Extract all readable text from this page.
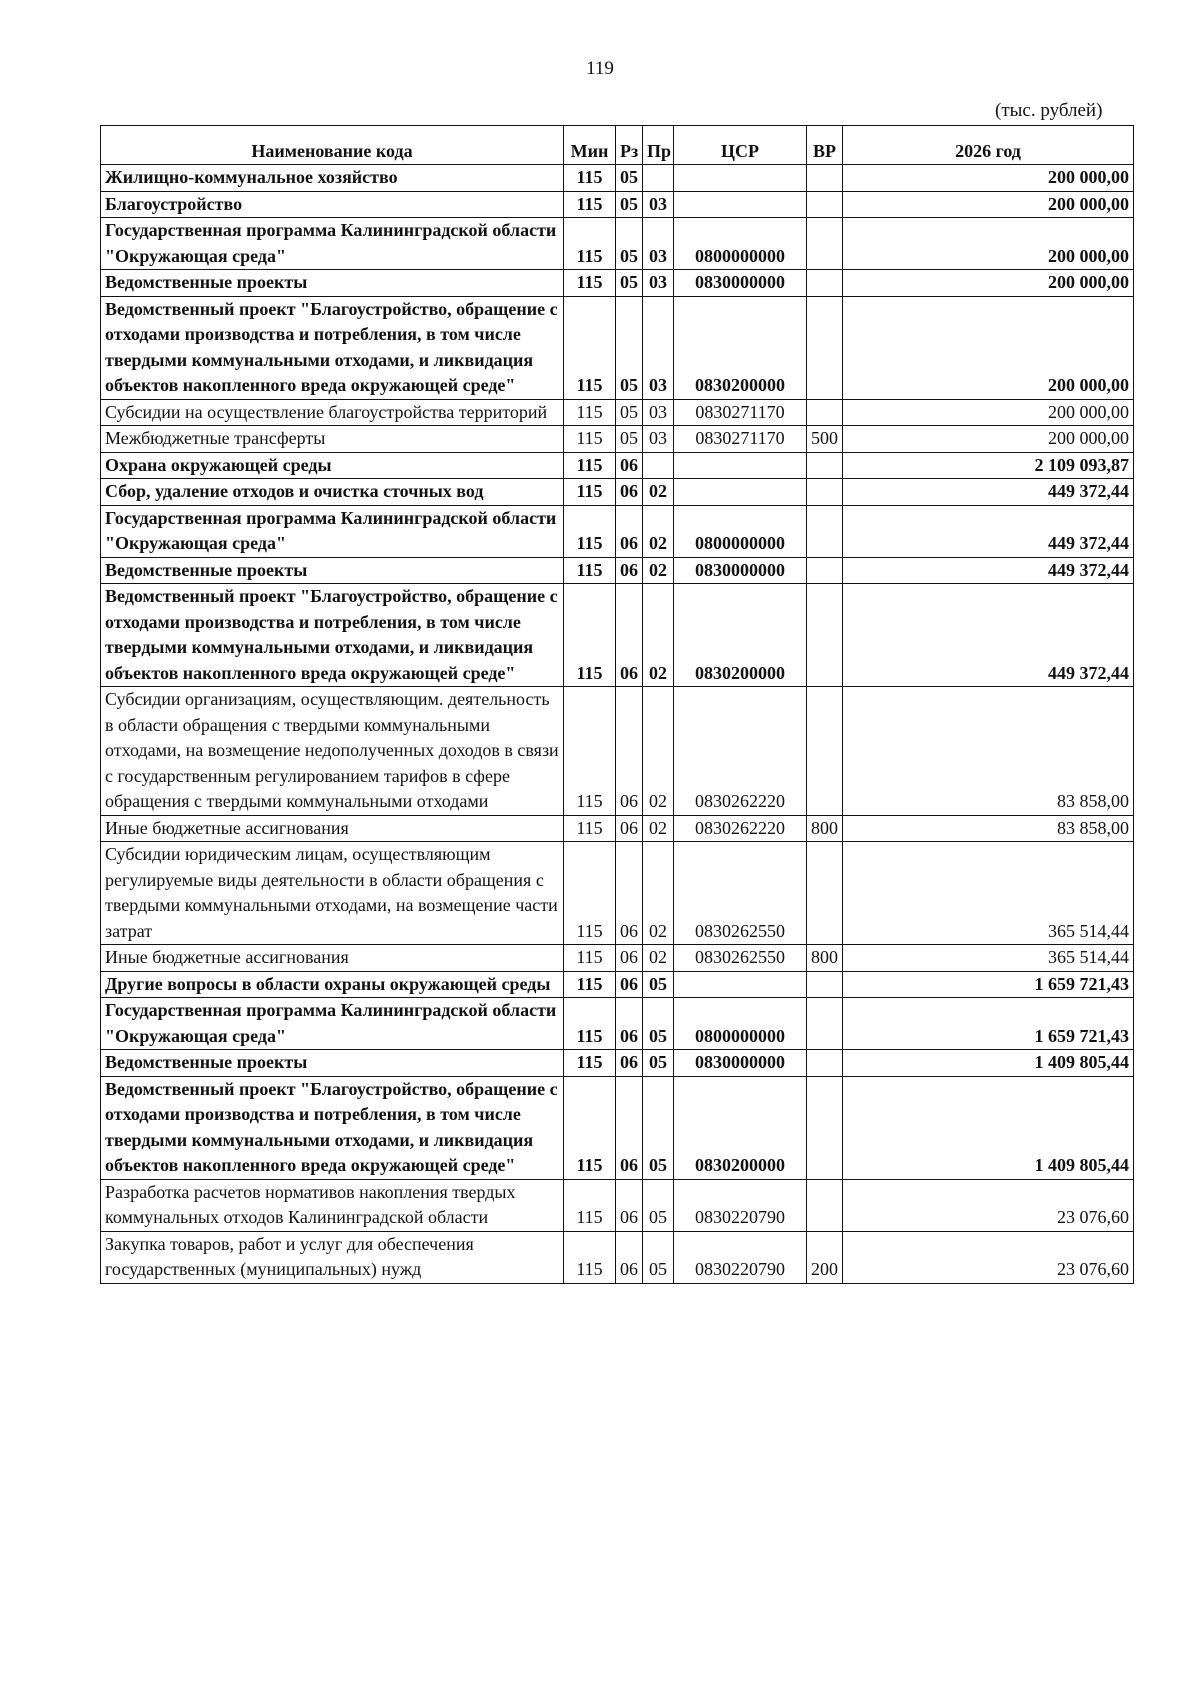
119
(тыс. рублей)
Наименование кода	Мин	Рз	Пр	ЦСР	ВР	2026 год
Жилищно-коммунальное хозяйство	115	05				200 000,00
Благоустройство	115	05	03			200 000,00
Государственная программа Калининградской области "Окружающая среда"	115	05	03	0800000000		200 000,00
Ведомственные проекты	115	05	03	0830000000		200 000,00
Ведомственный проект "Благоустройство, обращение с отходами производства и потребления, в том числе твердыми коммунальными отходами, и ликвидация объектов накопленного вреда окружающей среде"	115	05	03	0830200000		200 000,00
Субсидии на осуществление благоустройства территорий	115	05	03	0830271170		200 000,00
Межбюджетные трансферты	115	05	03	0830271170	500	200 000,00
Охрана окружающей среды	115	06				2 109 093,87
Сбор, удаление отходов и очистка сточных вод	115	06	02			449 372,44
Государственная программа Калининградской области "Окружающая среда"	115	06	02	0800000000		449 372,44
Ведомственные проекты	115	06	02	0830000000		449 372,44
Ведомственный проект "Благоустройство, обращение с отходами производства и потребления, в том числе твердыми коммунальными отходами, и ликвидация объектов накопленного вреда окружающей среде"	115	06	02	0830200000		449 372,44
Субсидии организациям, осуществляющим. деятельность в области обращения с твердыми коммунальными отходами, на возмещение недополученных доходов в связи с государственным регулированием тарифов в сфере обращения с твердыми коммунальными отходами	115	06	02	0830262220		83 858,00
Иные бюджетные ассигнования	115	06	02	0830262220	800	83 858,00
Субсидии юридическим лицам, осуществляющим регулируемые виды деятельности в области обращения с твердыми коммунальными отходами, на возмещение части затрат	115	06	02	0830262550		365 514,44
Иные бюджетные ассигнования	115	06	02	0830262550	800	365 514,44
Другие вопросы в области охраны окружающей среды	115	06	05			1 659 721,43
Государственная программа Калининградской области "Окружающая среда"	115	06	05	0800000000		1 659 721,43
Ведомственные проекты	115	06	05	0830000000		1 409 805,44
Ведомственный проект "Благоустройство, обращение с отходами производства и потребления, в том числе твердыми коммунальными отходами, и ликвидация объектов накопленного вреда окружающей среде"	115	06	05	0830200000		1 409 805,44
Разработка расчетов нормативов накопления твердых коммунальных отходов Калининградской области	115	06	05	0830220790		23 076,60
Закупка товаров, работ и услуг для обеспечения государственных (муниципальных) нужд	115	06	05	0830220790	200	23 076,60
